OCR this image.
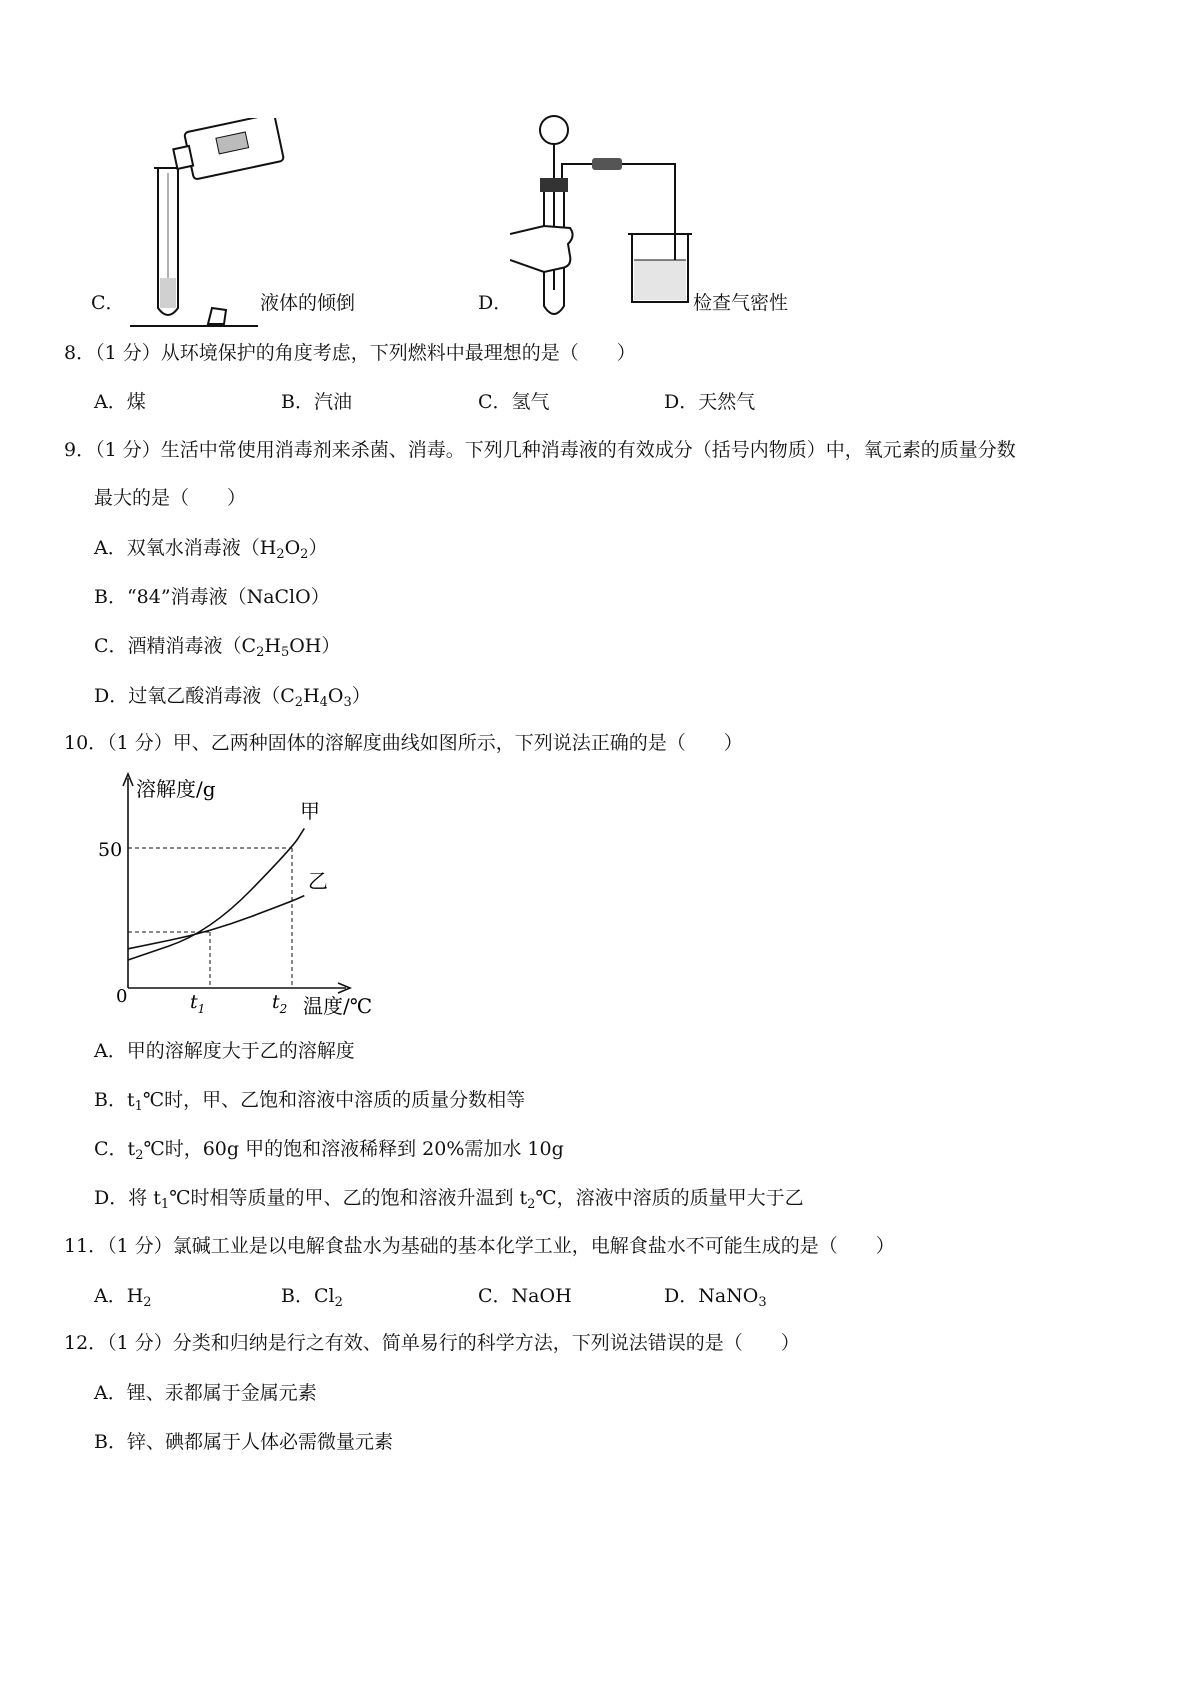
C．	液体的倾倒	D．	检查气密性
8．（1 分）从环境保护的角度考虑，下列燃料中最理想的是（　　）
A．煤	B．汽油	C．氢气	D．天然气
9．（1 分）生活中常使用消毒剂来杀菌、消毒。下列几种消毒液的有效成分（括号内物质）中，氧元素的质量分数
最大的是（　　）
A．双氧水消毒液$(H_2O_2)$
B．“84”消毒液（NaClO）
C．酒精消毒液$(C_2H_5OH)$
D．过氧乙酸消毒液$(C_2H_4O_3)$
10．（1 分）甲、乙两种固体的溶解度曲线如图所示，下列说法正确的是（　　）
溶解度/g
温度/℃
0
50
$t_1$	$t_2$
甲
乙
A．甲的溶解度大于乙的溶解度
B．$t_1℃$时，甲、乙饱和溶液中溶质的质量分数相等
C．$t_2℃$时，60g 甲的饱和溶液稀释到 20%需加水 10g
D．将 $t_1℃$时相等质量的甲、乙的饱和溶液升温到 $t_2℃$，溶液中溶质的质量甲大于乙
11．（1 分）氯碱工业是以电解食盐水为基础的基本化学工业，电解食盐水不可能生成的是（　　）
A．$H_2$	B．$Cl_2$	C．NaOH	D．NaNO$_3$
12．（1 分）分类和归纳是行之有效、简单易行的科学方法，下列说法错误的是（　　）
A．锂、汞都属于金属元素
B．锌、碘都属于人体必需微量元素
